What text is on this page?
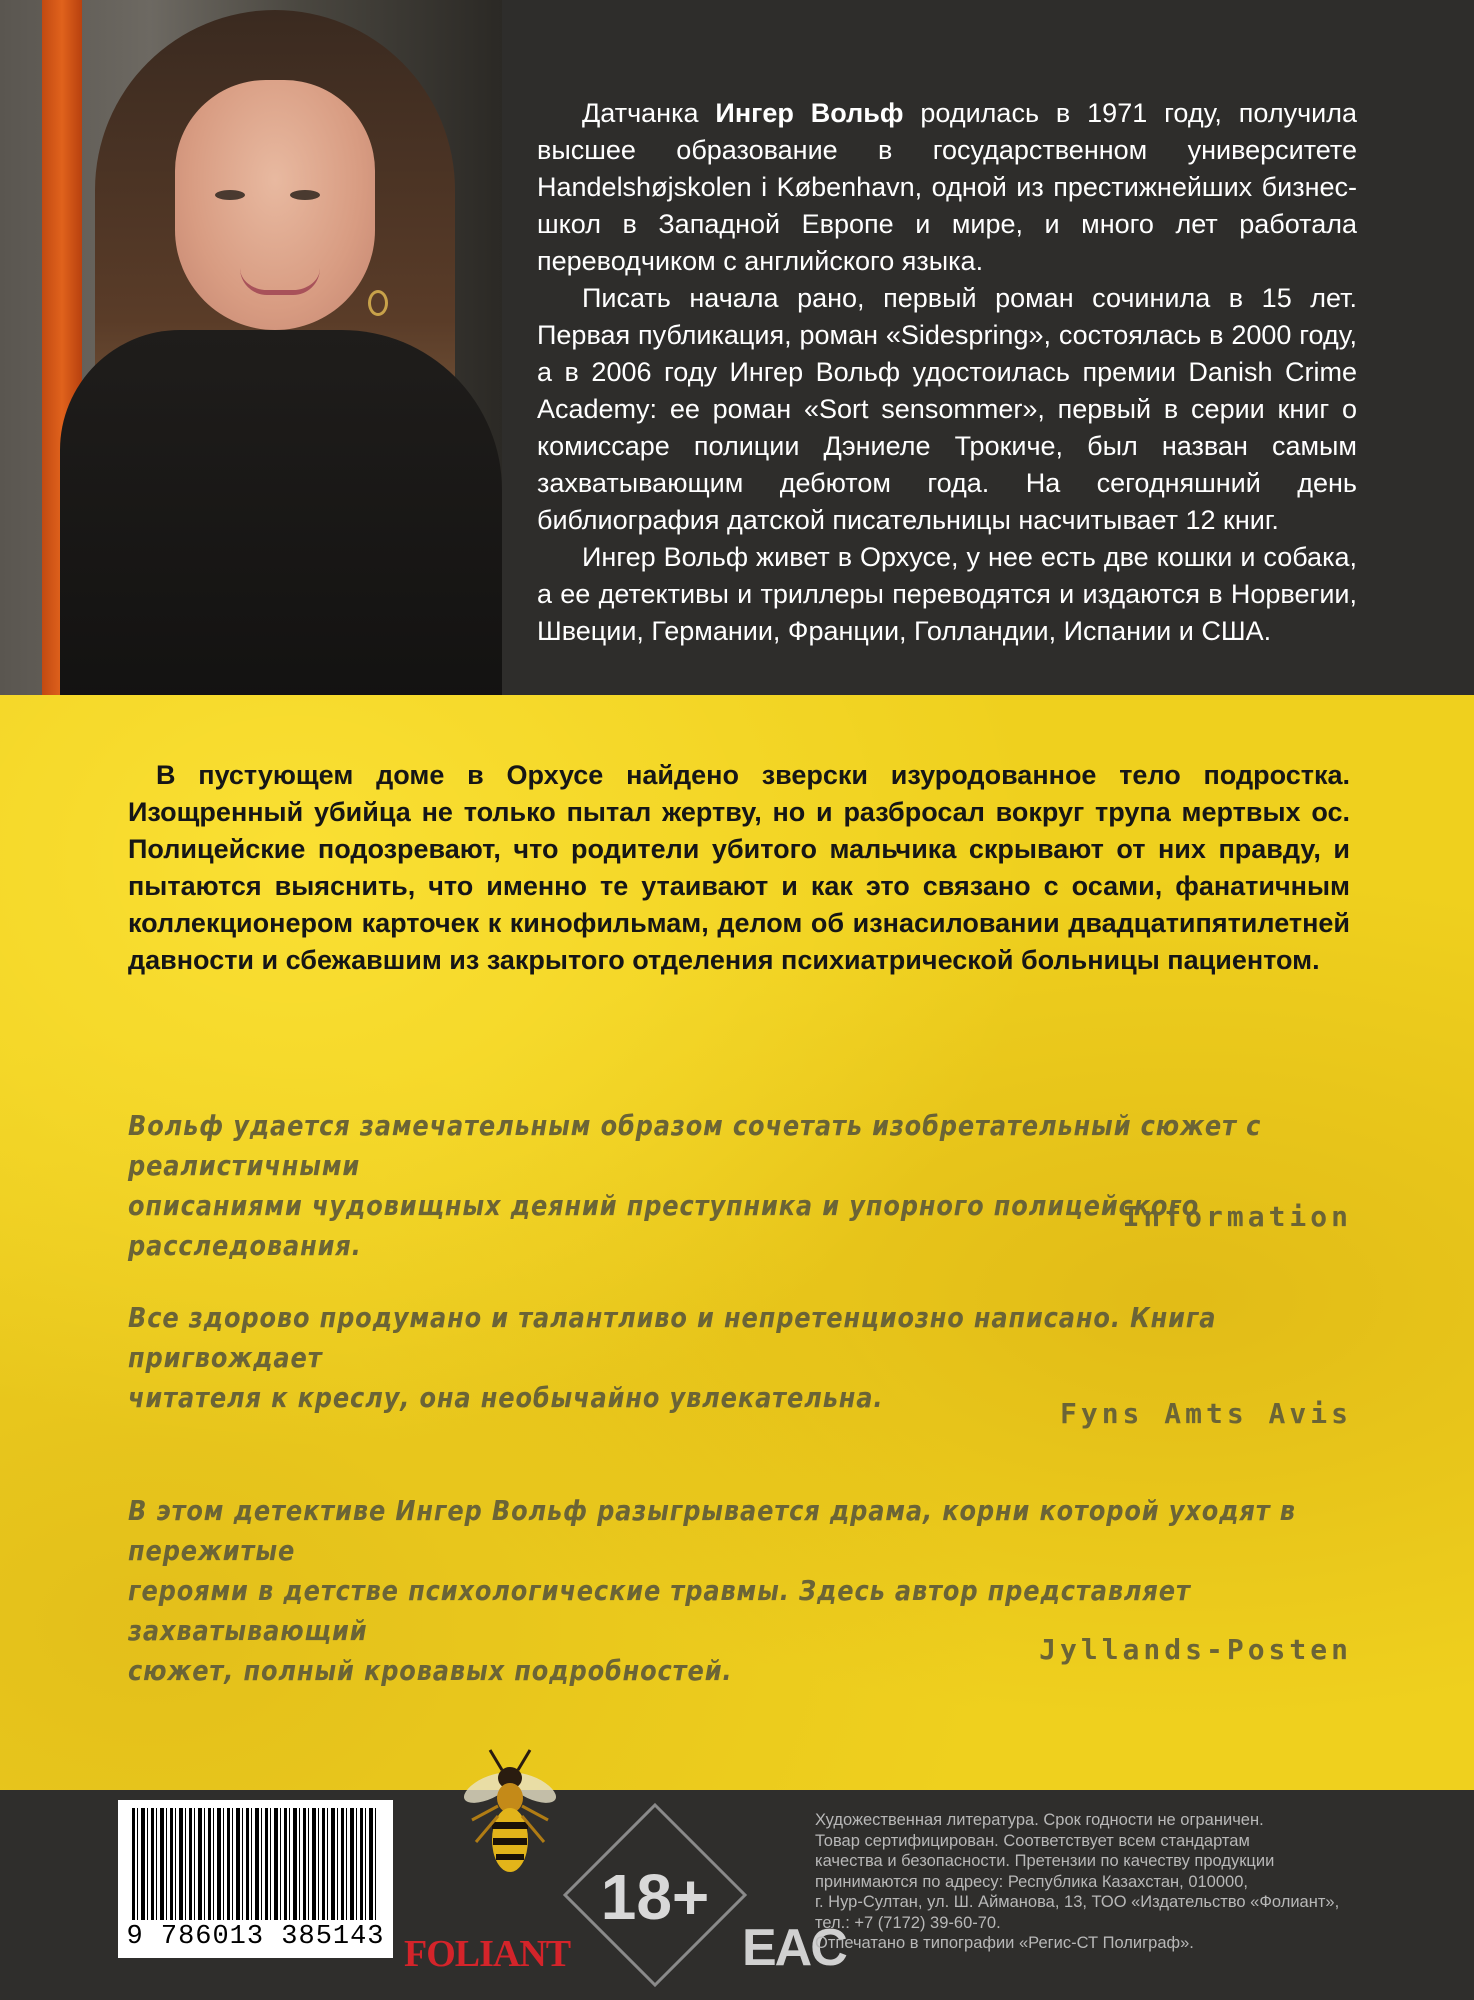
Датчанка Ингер Вольф родилась в 1971 году, получила высшее образование в государственном университете Handelshøjskolen i København, одной из престижнейших бизнес-школ в Западной Европе и мире, и много лет работала переводчиком с английского языка.

Писать начала рано, первый роман сочинила в 15 лет. Первая публикация, роман «Sidespring», состоялась в 2000 году, а в 2006 году Ингер Вольф удостоилась премии Danish Crime Academy: ее роман «Sort sensommer», первый в серии книг о комиссаре полиции Дэниеле Трокиче, был назван самым захватывающим дебютом года. На сегодняшний день библиография датской писательницы насчитывает 12 книг.

Ингер Вольф живет в Орхусе, у нее есть две кошки и собака, а ее детективы и триллеры переводятся и издаются в Норвегии, Швеции, Германии, Франции, Голландии, Испании и США.

В пустующем доме в Орхусе найдено зверски изуродованное тело подростка. Изощренный убийца не только пытал жертву, но и разбросал вокруг трупа мертвых ос. Полицейские подозревают, что родители убитого мальчика скрывают от них правду, и пытаются выяснить, что именно те утаивают и как это связано с осами, фанатичным коллекционером карточек к кинофильмам, делом об изнасиловании двадцатипятилетней давности и сбежавшим из закрытого отделения психиатрической больницы пациентом.

Вольф удается замечательным образом сочетать изобретательный сюжет с реалистичными
описаниями чудовищных деяний преступника и упорного полицейского расследования.
Information
Все здорово продумано и талантливо и непретенциозно написано. Книга пригвождает
читателя к креслу, она необычайно увлекательна.	Fyns Amts Avis
В этом детективе Ингер Вольф разыгрывается драма, корни которой уходят в пережитые
героями в детстве психологические травмы. Здесь автор представляет захватывающий
сюжет, полный кровавых подробностей.
Jyllands-Posten
9 786013 385143 FOLIANT
18+
EAC
Художественная литература. Срок годности не ограничен.
Товар сертифицирован. Соответствует всем стандартам
качества и безопасности. Претензии по качеству продукции
принимаются по адресу: Республика Казахстан, 010000,
г. Нур-Султан, ул. Ш. Айманова, 13, ТОО «Издательство «Фолиант»,
тел.: +7 (7172) 39-60-70.
Отпечатано в типографии «Регис-СТ Полиграф».
